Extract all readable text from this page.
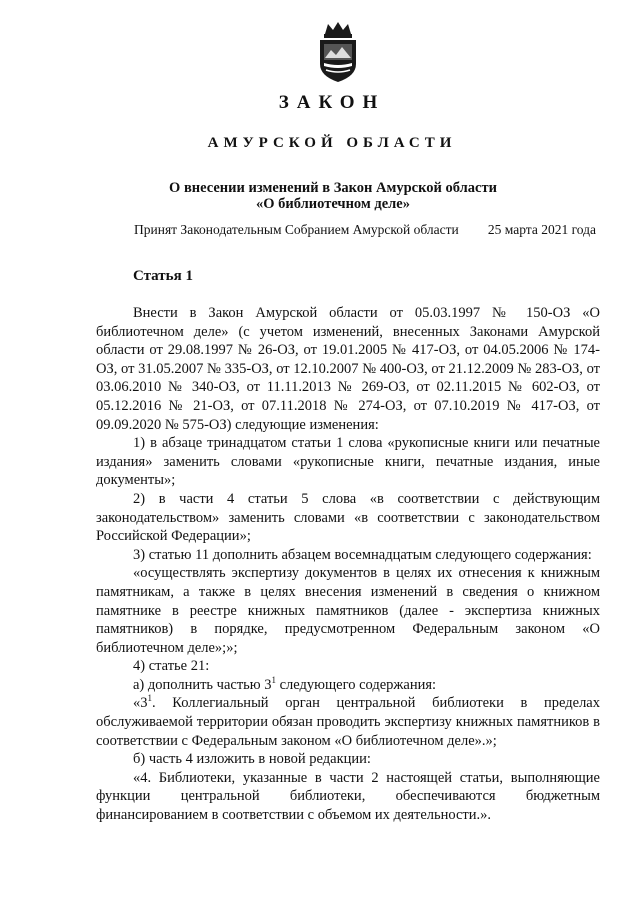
ЗАКОН
АМУРСКОЙ ОБЛАСТИ
О внесении изменений в Закон Амурской области
«О библиотечном деле»
Принят Законодательным Собранием Амурской области 25 марта 2021 года
Статья 1

Внести в Закон Амурской области от 05.03.1997 № 150-ОЗ «О библиотечном деле» (с учетом изменений, внесенных Законами Амурской области от 29.08.1997 № 26-ОЗ, от 19.01.2005 № 417-ОЗ, от 04.05.2006 № 174-ОЗ, от 31.05.2007 № 335-ОЗ, от 12.10.2007 № 400-ОЗ, от 21.12.2009 № 283-ОЗ, от 03.06.2010 № 340-ОЗ, от 11.11.2013 № 269-ОЗ, от 02.11.2015 № 602-ОЗ, от 05.12.2016 № 21-ОЗ, от 07.11.2018 № 274-ОЗ, от 07.10.2019 № 417-ОЗ, от 09.09.2020 № 575-ОЗ) следующие изменения:

1) в абзаце тринадцатом статьи 1 слова «рукописные книги или печатные издания» заменить словами «рукописные книги, печатные издания, иные документы»;

2) в части 4 статьи 5 слова «в соответствии с действующим законодательством» заменить словами «в соответствии с законодательством Российской Федерации»;

3) статью 11 дополнить абзацем восемнадцатым следующего содержания:

«осуществлять экспертизу документов в целях их отнесения к книжным памятникам, а также в целях внесения изменений в сведения о книжном памятнике в реестре книжных памятников (далее - экспертиза книжных памятников) в порядке, предусмотренном Федеральным законом «О библиотечном деле»;»;

4) статье 21:

а) дополнить частью $3^1$ следующего содержания:

«$3^1$. Коллегиальный орган центральной библиотеки в пределах обслуживаемой территории обязан проводить экспертизу книжных памятников в соответствии с Федеральным законом «О библиотечном деле».»;

б) часть 4 изложить в новой редакции:

«4. Библиотеки, указанные в части 2 настоящей статьи, выполняющие функции центральной библиотеки, обеспечиваются бюджетным финансированием в соответствии с объемом их деятельности.».
